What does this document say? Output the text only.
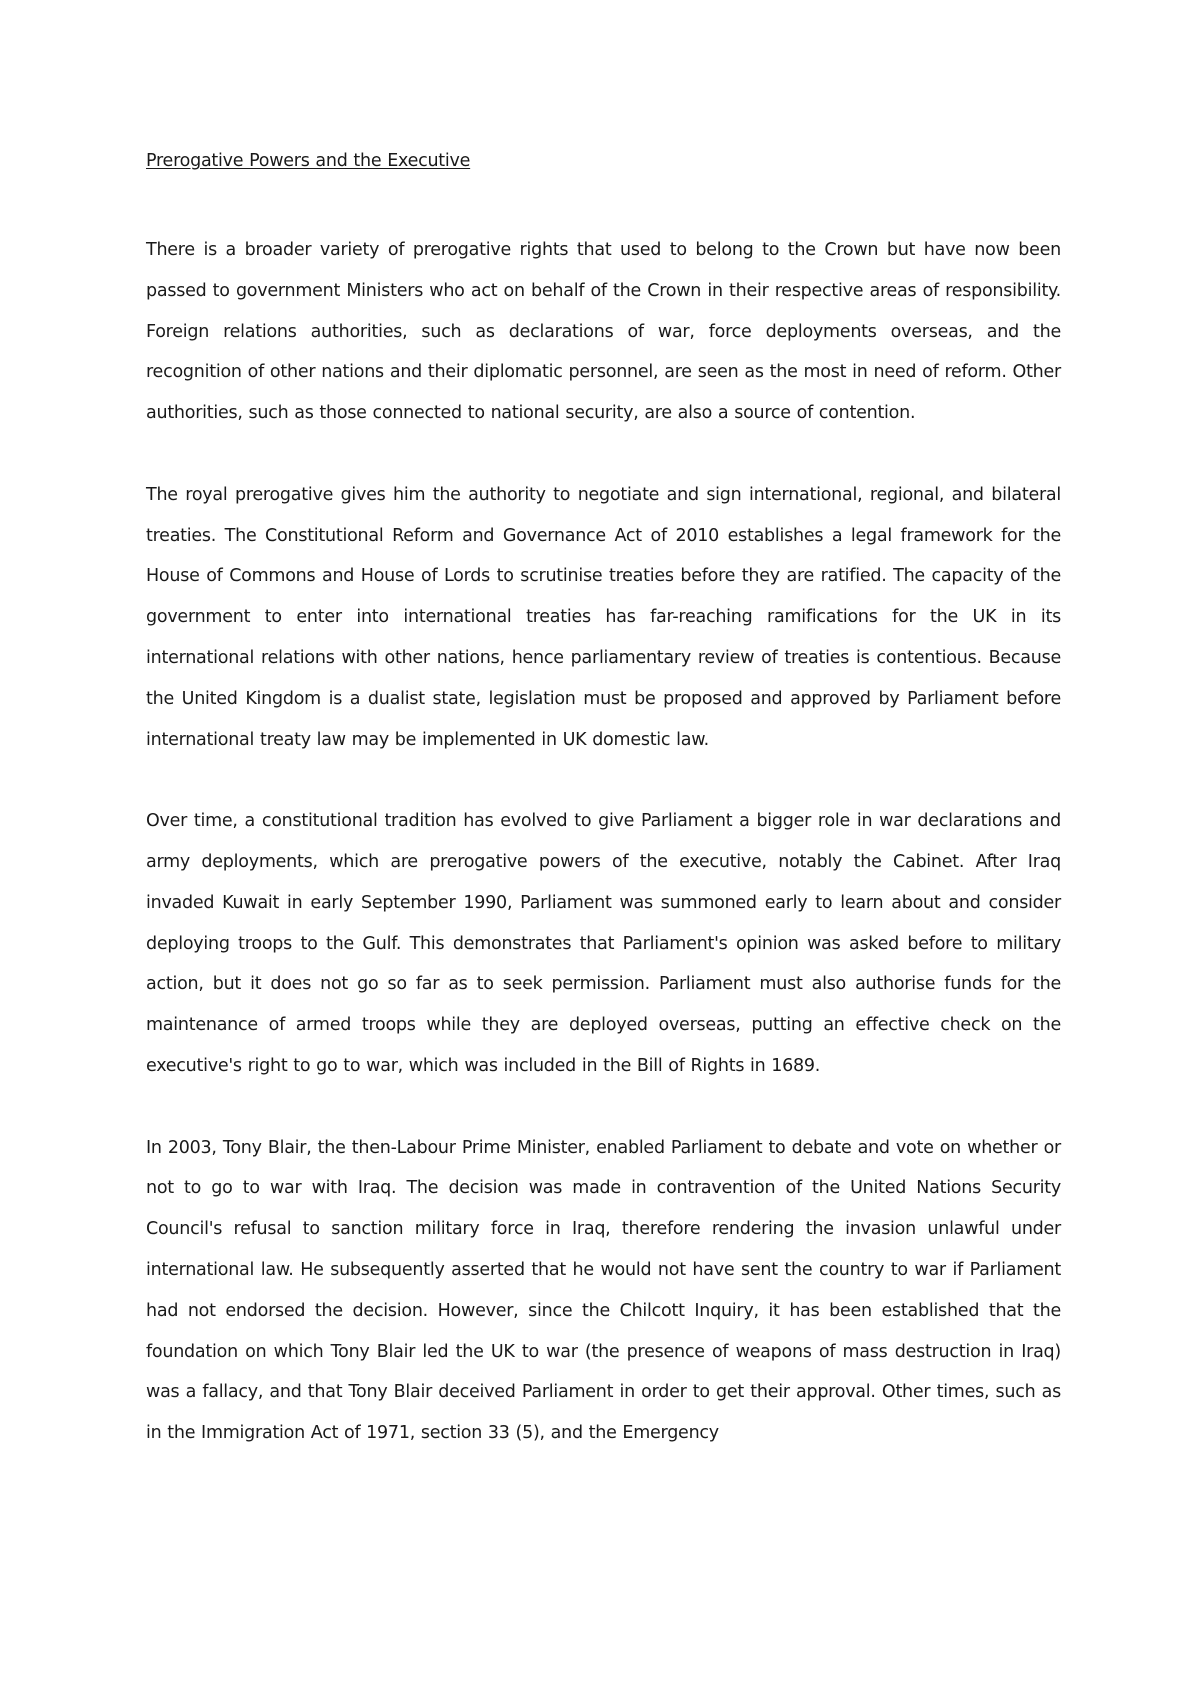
Prerogative Powers and the Executive

There is a broader variety of prerogative rights that used to belong to the Crown but have now been passed to government Ministers who act on behalf of the Crown in their respective areas of responsibility. Foreign relations authorities, such as declarations of war, force deployments overseas, and the recognition of other nations and their diplomatic personnel, are seen as the most in need of reform. Other authorities, such as those connected to national security, are also a source of contention.

The royal prerogative gives him the authority to negotiate and sign international, regional, and bilateral treaties. The Constitutional Reform and Governance Act of 2010 establishes a legal framework for the House of Commons and House of Lords to scrutinise treaties before they are ratified. The capacity of the government to enter into international treaties has far-reaching ramifications for the UK in its international relations with other nations, hence parliamentary review of treaties is contentious. Because the United Kingdom is a dualist state, legislation must be proposed and approved by Parliament before international treaty law may be implemented in UK domestic law.

Over time, a constitutional tradition has evolved to give Parliament a bigger role in war declarations and army deployments, which are prerogative powers of the executive, notably the Cabinet. After Iraq invaded Kuwait in early September 1990, Parliament was summoned early to learn about and consider deploying troops to the Gulf. This demonstrates that Parliament's opinion was asked before to military action, but it does not go so far as to seek permission. Parliament must also authorise funds for the maintenance of armed troops while they are deployed overseas, putting an effective check on the executive's right to go to war, which was included in the Bill of Rights in 1689.

In 2003, Tony Blair, the then-Labour Prime Minister, enabled Parliament to debate and vote on whether or not to go to war with Iraq. The decision was made in contravention of the United Nations Security Council's refusal to sanction military force in Iraq, therefore rendering the invasion unlawful under international law. He subsequently asserted that he would not have sent the country to war if Parliament had not endorsed the decision. However, since the Chilcott Inquiry, it has been established that the foundation on which Tony Blair led the UK to war (the presence of weapons of mass destruction in Iraq) was a fallacy, and that Tony Blair deceived Parliament in order to get their approval. Other times, such as in the Immigration Act of 1971, section 33 (5), and the Emergency
